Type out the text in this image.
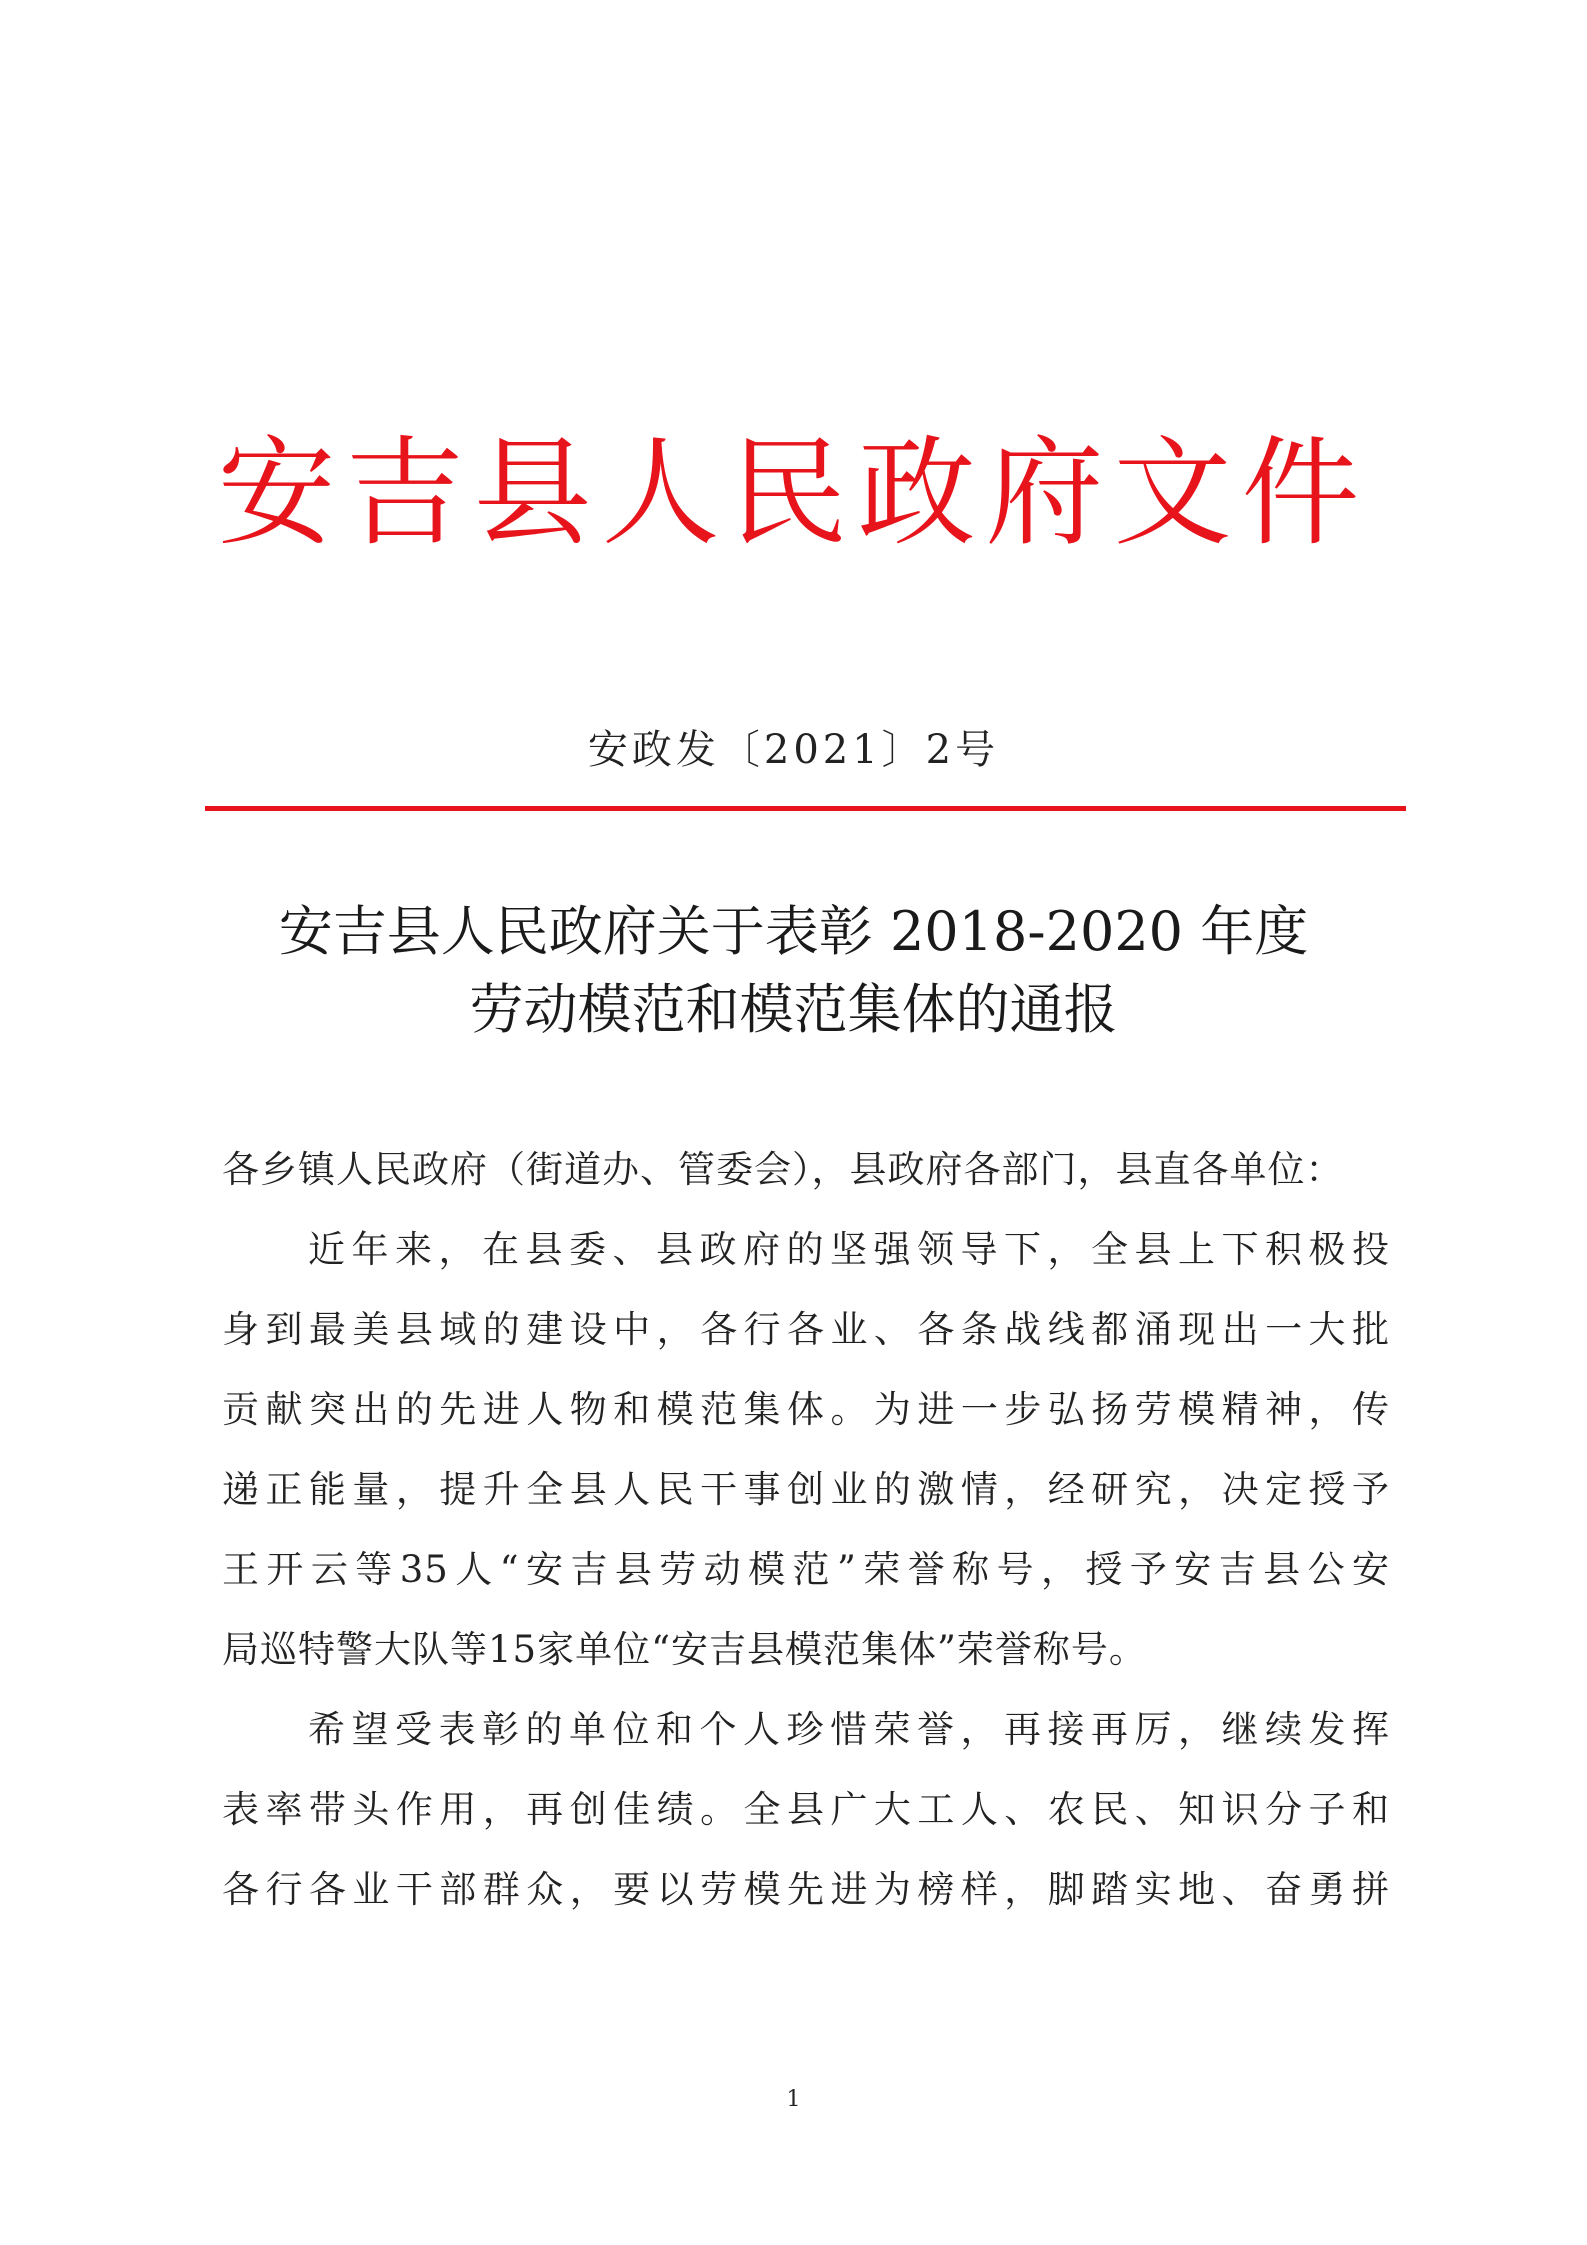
安吉县人民政府文件
安政发〔2021〕2号
安吉县人民政府关于表彰 2018-2020 年度
劳动模范和模范集体的通报
各乡镇人民政府（街道办、管委会），县政府各部门，县直各单位：
近年来，在县委、县政府的坚强领导下，全县上下积极投
身到最美县域的建设中，各行各业、各条战线都涌现出一大批
贡献突出的先进人物和模范集体。为进一步弘扬劳模精神，传
递正能量，提升全县人民干事创业的激情，经研究，决定授予
王开云等35人“安吉县劳动模范”荣誉称号，授予安吉县公安
局巡特警大队等15家单位“安吉县模范集体”荣誉称号。
希望受表彰的单位和个人珍惜荣誉，再接再厉，继续发挥
表率带头作用，再创佳绩。全县广大工人、农民、知识分子和
各行各业干部群众，要以劳模先进为榜样，脚踏实地、奋勇拼
1
